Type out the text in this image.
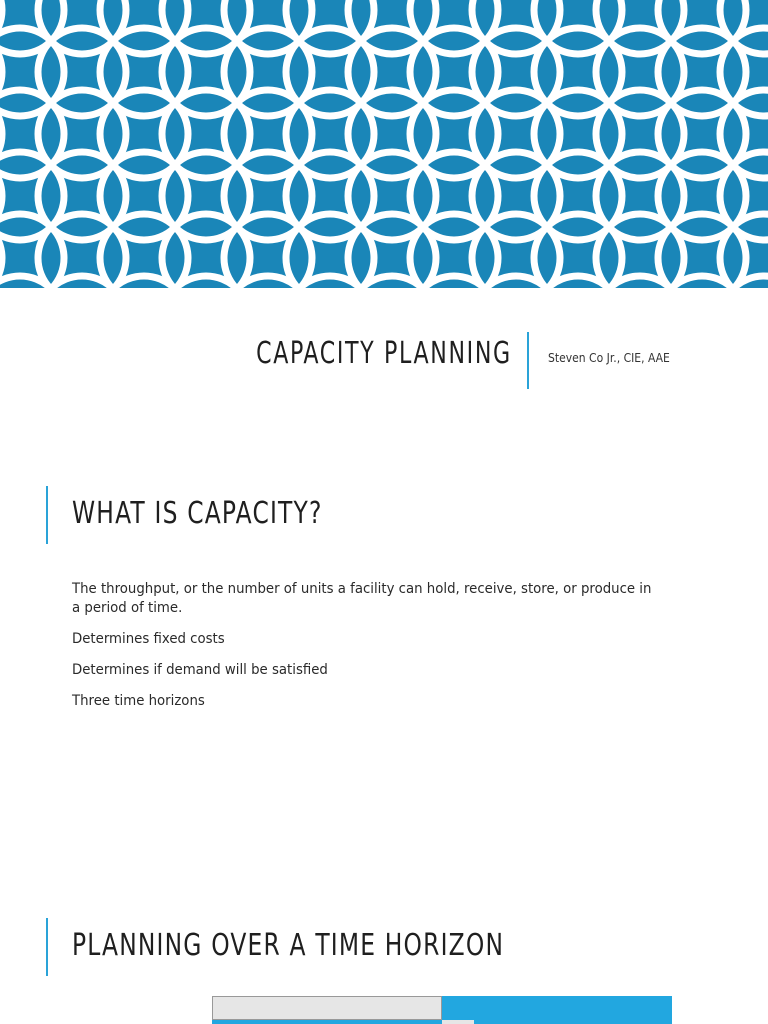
CAPACITY PLANNING	Steven Co Jr., CIE, AAE
WHAT IS CAPACITY?

The throughput, or the number of units a facility can hold, receive, store, or produce in a period of time.

Determines fixed costs

Determines if demand will be satisfied

Three time horizons

PLANNING OVER A TIME HORIZON
